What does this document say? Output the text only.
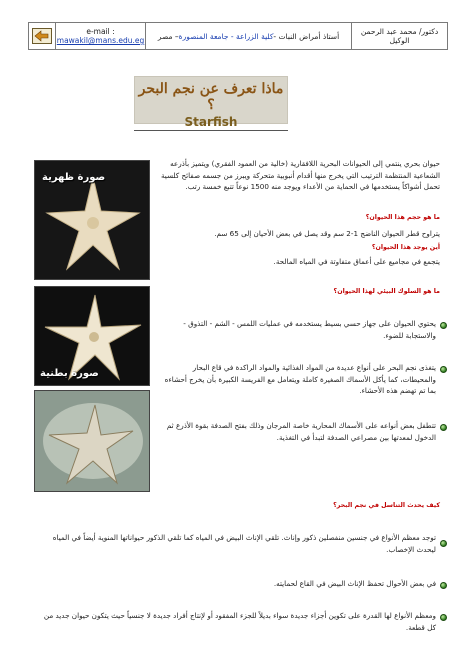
دكتور/ محمد عبد الرحمن الوكيل
أستاذ أمراض النبات -
كلية الزراعة - جامعة المنصورة
– مصر
e-mail :
mawakil@mans.edu.eg
ماذا تعرف عن نجم البحر ؟
Starfish
صورة ظهرية
صورة بطنية
حيوان بحري ينتمي إلى الحيوانات البحرية اللافقارية (خالية من العمود الفقري) ويتميز بأذرعه الشعاعية المنتظمة الترتيب التي يخرج منها أقدام أنبوبية متحركة ويبرز من جسمه صفائح كلسية تحمل أشواكاً يستخدمها في الحماية من الأعداء ويوجد منه 1500 نوعاً تتبع خمسة رتب.
ما هو حجم هذا الحيوان؟
يتراوح قطر الحيوان الناضج 1-2 سم وقد يصل في بعض الأحيان إلى 65 سم.
أين يوجد هذا الحيوان؟
يتجمع في مجاميع على أعماق متفاوتة في المياه المالحة.
ما هو السلوك البيئي لهذا الحيوان؟
يحتوي الحيوان على جهاز حسي بسيط يستخدمه في عمليات اللمس - الشم - التذوق - والاستجابة للضوء.
يتغذى نجم البحر على أنواع عديدة من المواد الغذائية والمواد الراكدة في قاع البحار والمحيطات، كما يأكل الأسماك الصغيرة كاملة ويتعامل مع الفريسة الكبيرة بأن يخرج أحشاءه بما تم تهضم هذه الأحشاء.
تتطفل بعض أنواعه على الأسماك المحارية خاصة المرجان وذلك بفتح الصدفة بقوة الأذرع ثم الدخول لمعدتها بين مصراعي الصدفة لتبدأ في التغذية.
كيف يحدث التناسل في نجم البحر؟
توجد معظم الأنواع في جنسين منفصلين ذكور وإناث. تلقي الإناث البيض في المياه كما تلقي الذكور حيواناتها المنوية أيضاً في المياه ليحدث الإخصاب.
في بعض الأحوال تحفظ الإناث البيض في القاع لحمايته.
ومعظم الأنواع لها القدرة على تكوين أجزاء جديدة سواء بديلاً للجزء المفقود أو لإنتاج أفراد جديدة لا جنسياً حيث يتكون حيوان جديد من كل قطعة.
